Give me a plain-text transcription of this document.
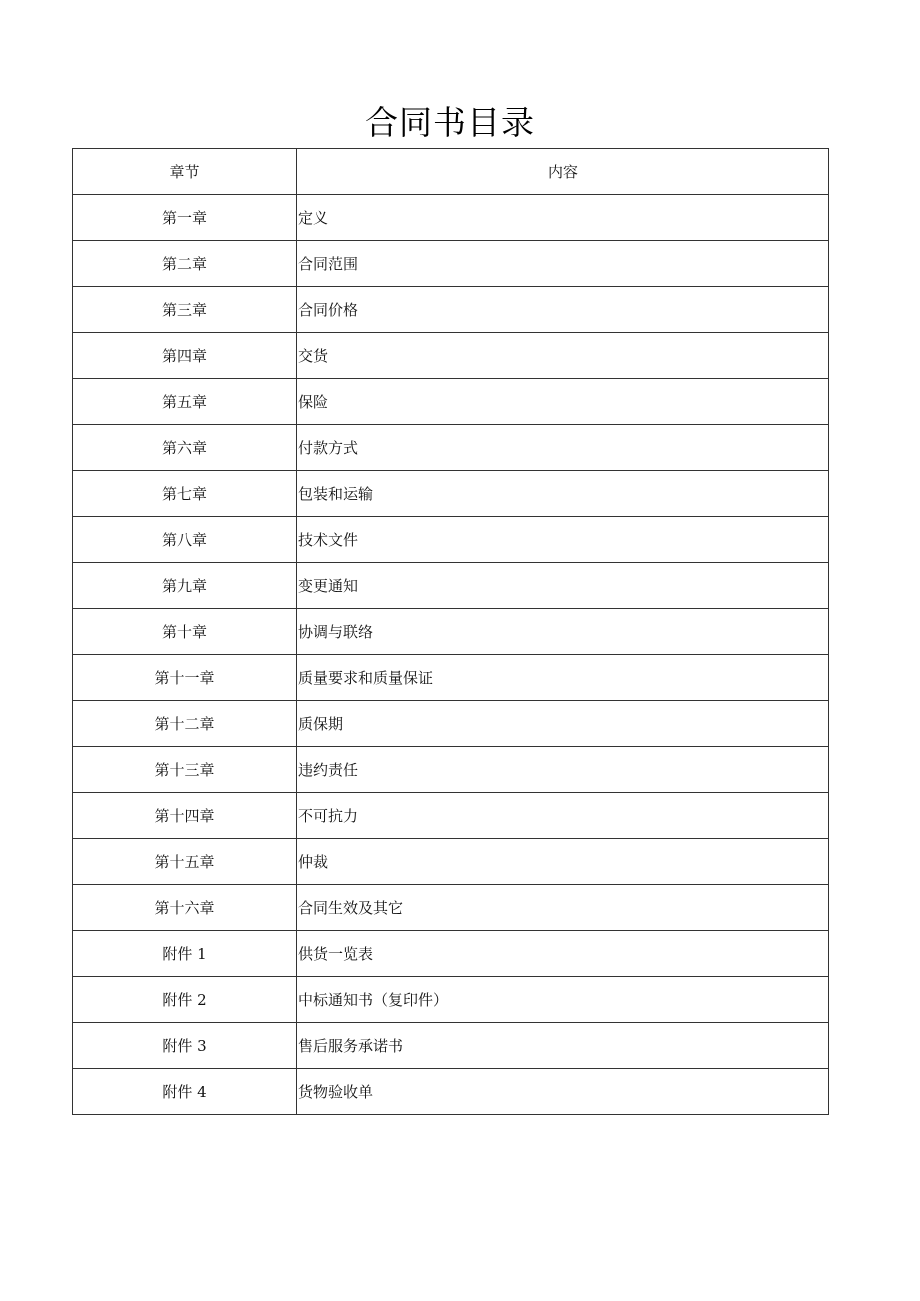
合同书目录
章节	内容
第一章	定义
第二章	合同范围
第三章	合同价格
第四章	交货
第五章	保险
第六章	付款方式
第七章	包装和运输
第八章	技术文件
第九章	变更通知
第十章	协调与联络
第十一章	质量要求和质量保证
第十二章	质保期
第十三章	违约责任
第十四章	不可抗力
第十五章	仲裁
第十六章	合同生效及其它
附件 1	供货一览表
附件 2	中标通知书（复印件）
附件 3	售后服务承诺书
附件 4	货物验收单
